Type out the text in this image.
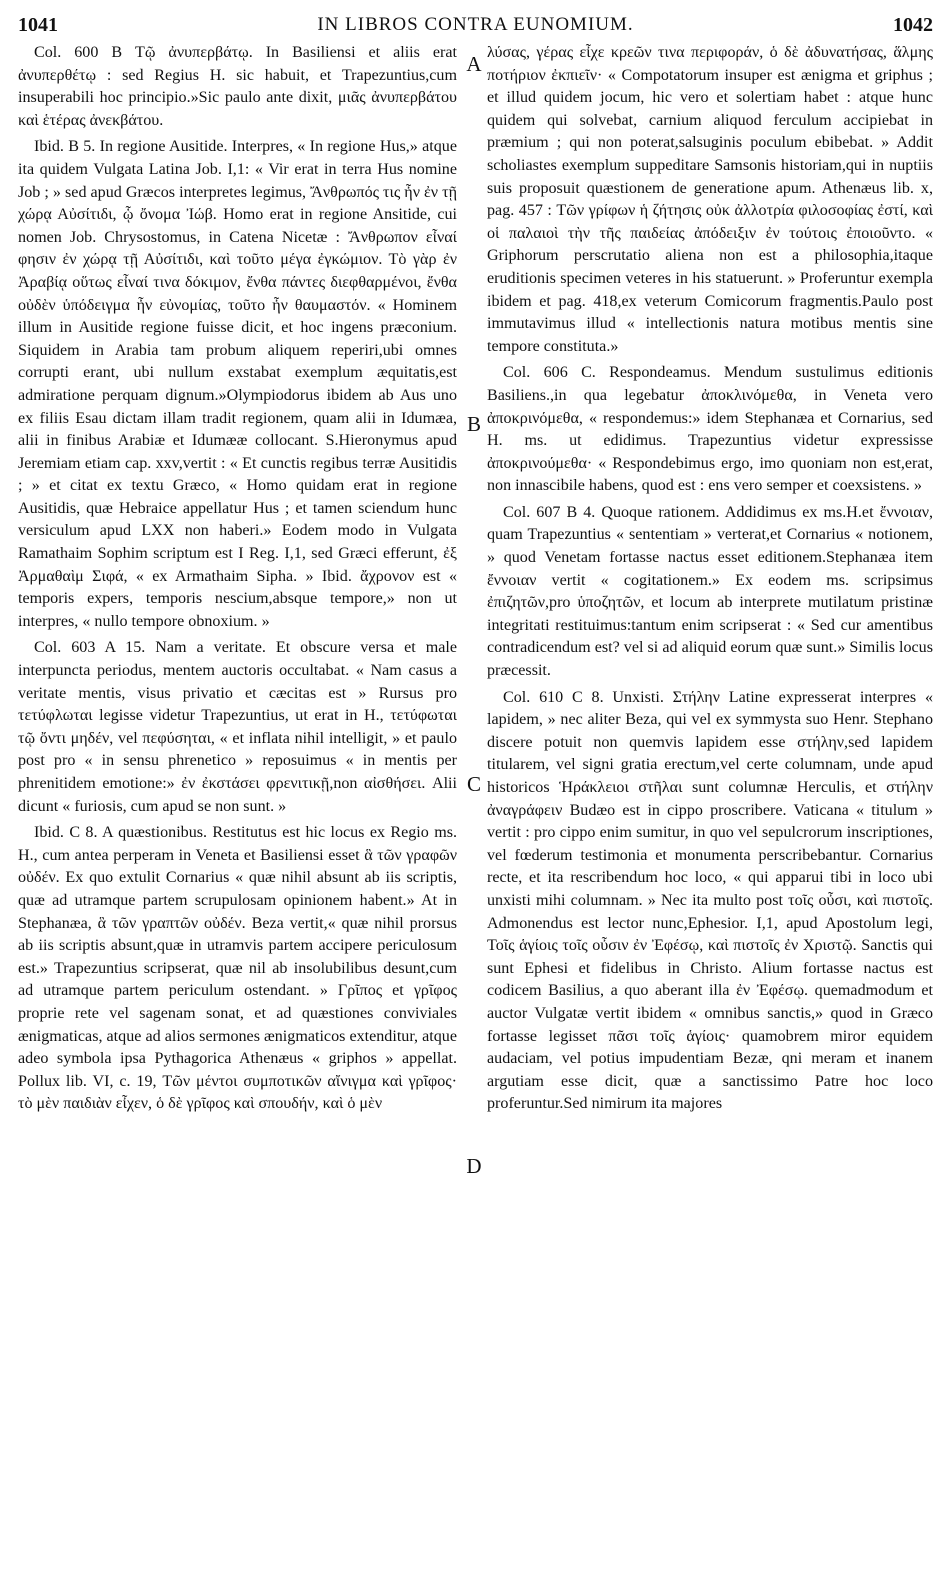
1041	IN LIBROS CONTRA EUNOMIUM.	1042

Col. 600 B Τῷ ἀνυπερβάτῳ. In Basiliensi et aliis erat ἀνυπερθέτῳ : sed Regius H. sic habuit, et Trapezuntius,cum insuperabili hoc principio.»Sic paulo ante dixit, μιᾶς ἀνυπερβάτου καὶ ἑτέρας ἀνεκβάτου.

Ibid. B 5. In regione Ausitide. Interpres, « In regione Hus,» atque ita quidem Vulgata Latina Job. I,1: « Vir erat in terra Hus nomine Job ; » sed apud Græcos interpretes legimus, Ἄνθρωπός τις ἦν ἐν τῇ χώρᾳ Αὐσίτιδι, ᾧ ὄνομα Ἰώβ. Homo erat in regione Ansitide, cui nomen Job. Chrysostomus, in Catena Nicetæ : Ἄνθρωπον εἶναί φησιν ἐν χώρᾳ τῇ Αὐσίτιδι, καὶ τοῦτο μέγα ἐγκώμιον. Τὸ γὰρ ἐν Ἀραβίᾳ οὕτως εἶναί τινα δόκιμον, ἔνθα πάντες διεφθαρμένοι, ἔνθα οὐδὲν ὑπόδειγμα ἦν εὐνομίας, τοῦτο ἦν θαυμαστόν. « Hominem illum in Ausitide regione fuisse dicit, et hoc ingens præconium. Siquidem in Arabia tam probum aliquem reperiri,ubi omnes corrupti erant, ubi nullum exstabat exemplum æquitatis,est admiratione perquam dignum.»Olympiodorus ibidem ab Aus uno ex filiis Esau dictam illam tradit regionem, quam alii in Idumæa, alii in finibus Arabiæ et Idumææ collocant. S.Hieronymus apud Jeremiam etiam cap. xxv,vertit : « Et cunctis regibus terræ Ausitidis ; » et citat ex textu Græco, « Homo quidam erat in regione Ausitidis, quæ Hebraice appellatur Hus ; et tamen sciendum hunc versiculum apud LXX non haberi.» Eodem modo in Vulgata Ramathaim Sophim scriptum est I Reg. I,1, sed Græci efferunt, ἐξ Ἀρμαθαὶμ Σιφά, « ex Armathaim Sipha. » Ibid. ἄχρονον est « temporis expers, temporis nescium,absque tempore,» non ut interpres, « nullo tempore obnoxium. »

Col. 603 A 15. Nam a veritate. Et obscure versa et male interpuncta periodus, mentem auctoris occultabat. « Nam casus a veritate mentis, visus privatio et cæcitas est » Rursus pro τετύφλωται legisse videtur Trapezuntius, ut erat in H., τετύφωται τῷ ὄντι μηδέν, vel πεφύσηται, « et inflata nihil intelligit, » et paulo post pro « in sensu phrenetico » reposuimus « in mentis per phrenitidem emotione:» ἐν ἐκστάσει φρενιτικῇ,non αἰσθήσει. Alii dicunt « furiosis, cum apud se non sunt. »

Ibid. C 8. A quæstionibus. Restitutus est hic locus ex Regio ms. H., cum antea perperam in Veneta et Basiliensi esset ἃ τῶν γραφῶν οὐδέν. Ex quo extulit Cornarius « quæ nihil absunt ab iis scriptis, quæ ad utramque partem scrupulosam opinionem habent.» At in Stephanæa, ἃ τῶν γραπτῶν οὐδέν. Beza vertit,« quæ nihil prorsus ab iis scriptis absunt,quæ in utramvis partem accipere periculosum est.» Trapezuntius scripserat, quæ nil ab insolubilibus desunt,cum ad utramque partem periculum ostendant. » Γρῖπος et γρῖφος proprie rete vel sagenam sonat, et ad quæstiones conviviales ænigmaticas, atque ad alios sermones ænigmaticos extenditur, atque adeo symbola ipsa Pythagorica Athenæus « griphos » appellat. Pollux lib. VI, c. 19, Τῶν μέντοι συμποτικῶν αἴνιγμα καὶ γρῖφος· τὸ μὲν παιδιὰν εἶχεν, ὁ δὲ γρῖφος καὶ σπουδήν, καὶ ὁ μὲν

A
B
C
D

λύσας, γέρας εἶχε κρεῶν τινα περιφοράν, ὁ δὲ ἀδυνατήσας, ἅλμης ποτήριον ἐκπιεῖν· « Compotatorum insuper est ænigma et griphus ; et illud quidem jocum, hic vero et solertiam habet : atque hunc quidem qui solvebat, carnium aliquod ferculum accipiebat in præmium ; qui non poterat,salsuginis poculum ebibebat. » Addit scholiastes exemplum suppeditare Samsonis historiam,qui in nuptiis suis proposuit quæstionem de generatione apum. Athenæus lib. x, pag. 457 : Τῶν γρίφων ἡ ζήτησις οὐκ ἀλλοτρία φιλοσοφίας ἐστί, καὶ οἱ παλαιοὶ τὴν τῆς παιδείας ἀπόδειξιν ἐν τούτοις ἐποιοῦντο. « Griphorum perscrutatio aliena non est a philosophia,itaque eruditionis specimen veteres in his statuerunt. » Proferuntur exempla ibidem et pag. 418,ex veterum Comicorum fragmentis.Paulo post immutavimus illud « intellectionis natura motibus mentis sine tempore constituta.»

Col. 606 C. Respondeamus. Mendum sustulimus editionis Basiliens.,in qua legebatur ἀποκλινόμεθα, in Veneta vero ἀποκρινόμεθα, « respondemus:» idem Stephanæa et Cornarius, sed H. ms. ut edidimus. Trapezuntius videtur expressisse ἀποκρινούμεθα· « Respondebimus ergo, imo quoniam non est,erat, non innascibile habens, quod est : ens vero semper et coexsistens. »

Col. 607 B 4. Quoque rationem. Addidimus ex ms.H.et ἔννοιαν, quam Trapezuntius « sententiam » verterat,et Cornarius « notionem, » quod Venetam fortasse nactus esset editionem.Stephanæa item ἔννοιαν vertit « cogitationem.» Ex eodem ms. scripsimus ἐπιζητῶν,pro ὑποζητῶν, et locum ab interprete mutilatum pristinæ integritati restituimus:tantum enim scripserat : « Sed cur amentibus contradicendum est? vel si ad aliquid eorum quæ sunt.» Similis locus præcessit.

Col. 610 C 8. Unxisti. Στήλην Latine expresserat interpres « lapidem, » nec aliter Beza, qui vel ex symmysta suo Henr. Stephano discere potuit non quemvis lapidem esse στήλην,sed lapidem titularem, vel signi gratia erectum,vel certe columnam, unde apud historicos Ἡράκλειοι στῆλαι sunt columnæ Herculis, et στήλην ἀναγράφειν Budæo est in cippo proscribere. Vaticana « titulum » vertit : pro cippo enim sumitur, in quo vel sepulcrorum inscriptiones, vel fœderum testimonia et monumenta perscribebantur. Cornarius recte, et ita rescribendum hoc loco, « qui apparui tibi in loco ubi unxisti mihi columnam. » Nec ita multo post τοῖς οὖσι, καὶ πιστοῖς. Admonendus est lector nunc,Ephesior. I,1, apud Apostolum legi, Τοῖς ἁγίοις τοῖς οὖσιν ἐν Ἐφέσῳ, καὶ πιστοῖς ἐν Χριστῷ. Sanctis qui sunt Ephesi et fidelibus in Christo. Alium fortasse nactus est codicem Basilius, a quo aberant illa ἐν Ἐφέσῳ. quemadmodum et auctor Vulgatæ vertit ibidem « omnibus sanctis,» quod in Græco fortasse legisset πᾶσι τοῖς ἁγίοις· quamobrem miror equidem audaciam, vel potius impudentiam Bezæ, qni meram et inanem argutiam esse dicit, quæ a sanctissimo Patre hoc loco proferuntur.Sed nimirum ita majores
